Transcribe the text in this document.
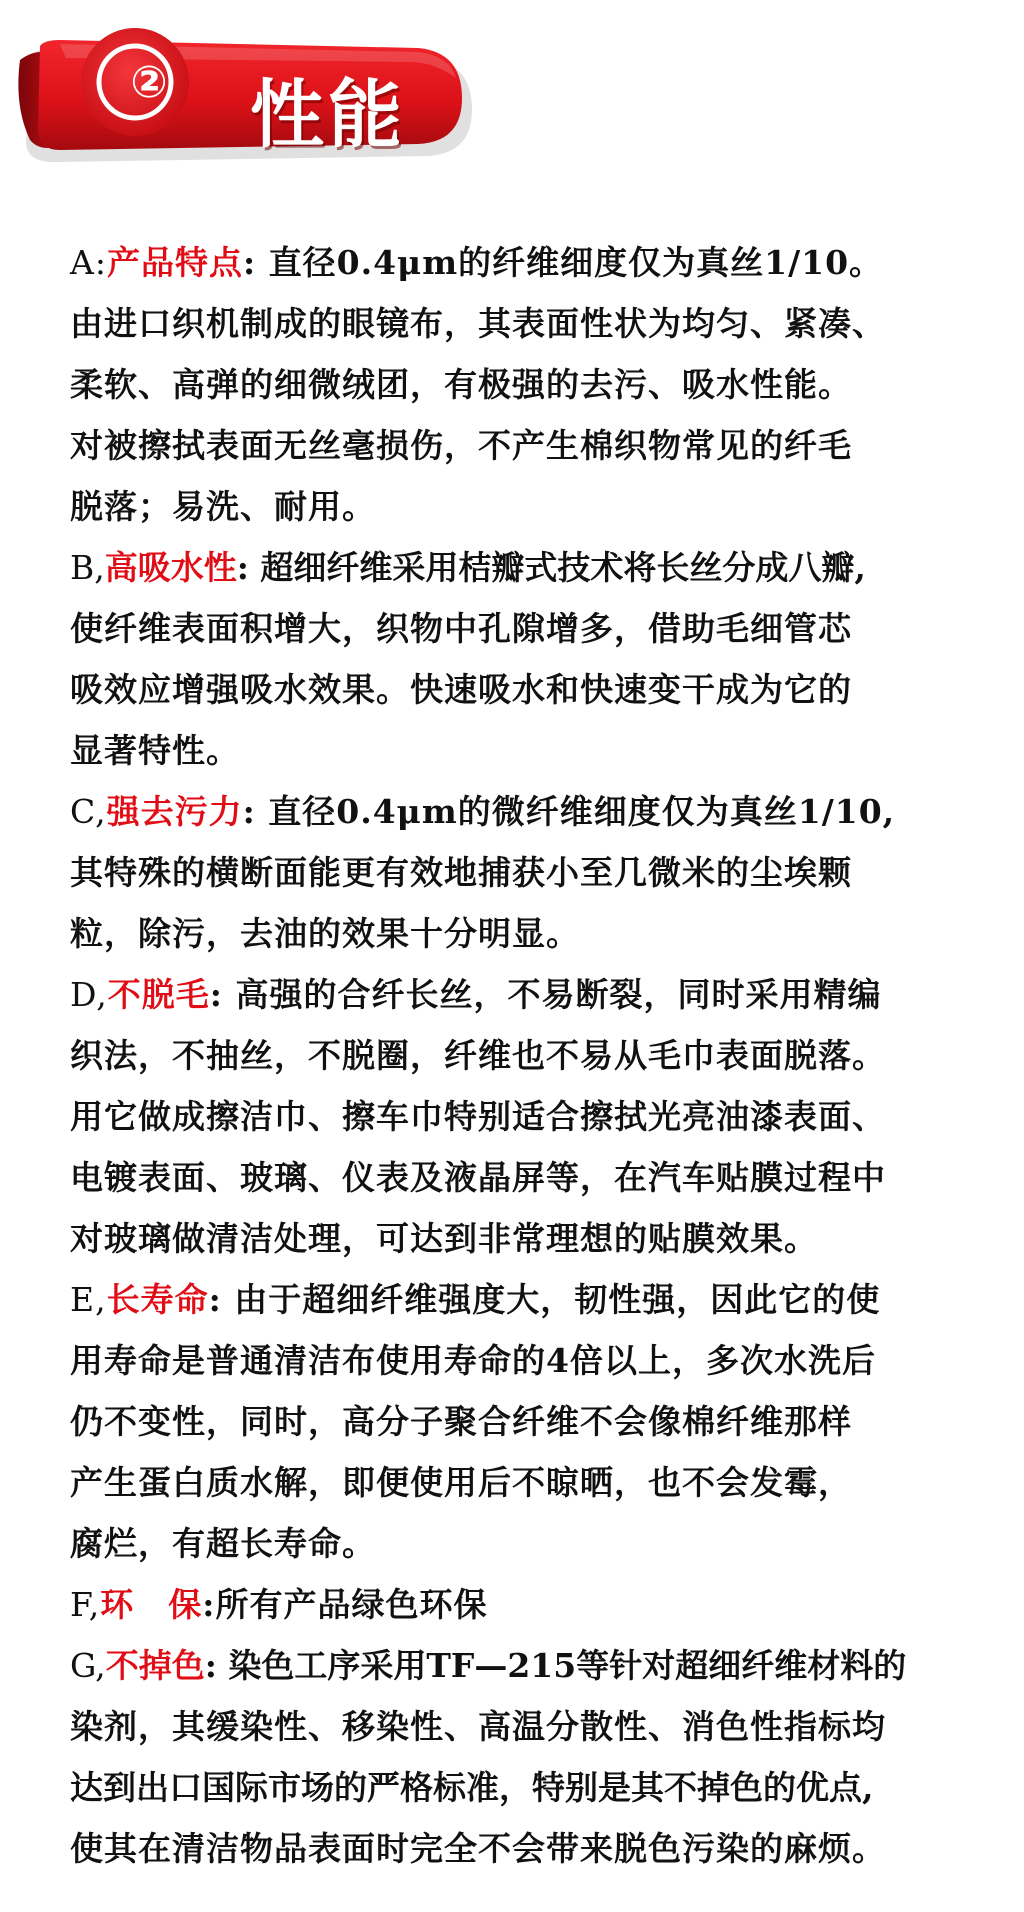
②	性能
A:产品特点: 直径0.4μm的纤维细度仅为真丝1/10。
由进口织机制成的眼镜布，其表面性状为均匀、紧凑、
柔软、高弹的细微绒团，有极强的去污、吸水性能。
对被擦拭表面无丝毫损伤，不产生棉织物常见的纤毛
脱落；易洗、耐用。
B,高吸水性: 超细纤维采用桔瓣式技术将长丝分成八瓣,
使纤维表面积增大，织物中孔隙增多，借助毛细管芯
吸效应增强吸水效果。快速吸水和快速变干成为它的
显著特性。
C,强去污力: 直径0.4μm的微纤维细度仅为真丝1/10,
其特殊的横断面能更有效地捕获小至几微米的尘埃颗
粒，除污，去油的效果十分明显。
D,不脱毛: 高强的合纤长丝，不易断裂，同时采用精编
织法，不抽丝，不脱圈，纤维也不易从毛巾表面脱落。
用它做成擦洁巾、擦车巾特别适合擦拭光亮油漆表面、
电镀表面、玻璃、仪表及液晶屏等，在汽车贴膜过程中
对玻璃做清洁处理，可达到非常理想的贴膜效果。
E,长寿命: 由于超细纤维强度大，韧性强，因此它的使
用寿命是普通清洁布使用寿命的4倍以上，多次水洗后
仍不变性，同时，高分子聚合纤维不会像棉纤维那样
产生蛋白质水解，即便使用后不晾晒，也不会发霉，
腐烂，有超长寿命。
F,环　保:所有产品绿色环保
G,不掉色: 染色工序采用TF—215等针对超细纤维材料的
染剂，其缓染性、移染性、高温分散性、消色性指标均
达到出口国际市场的严格标准，特别是其不掉色的优点,
使其在清洁物品表面时完全不会带来脱色污染的麻烦。
